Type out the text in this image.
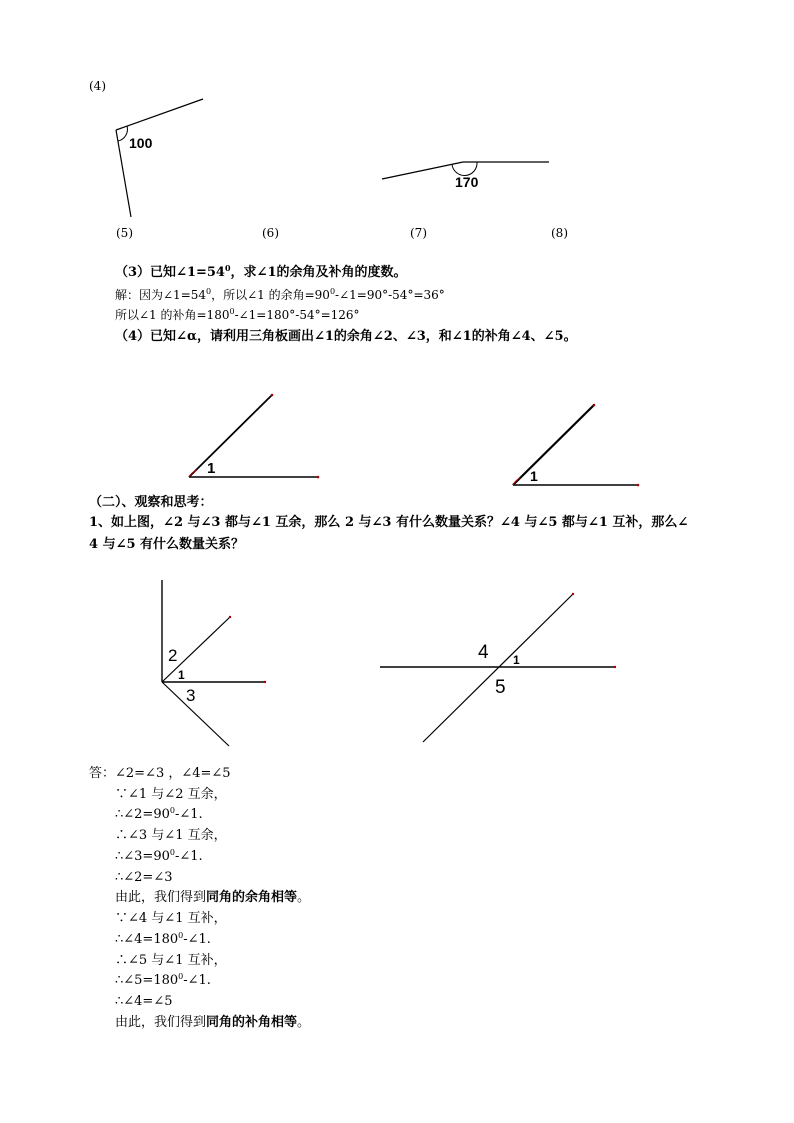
100
170
1	1
2
1
3
4 1
5
(4)
(5)	(6)	(7)	(8)
（3）已知$\angle 1=54^0$，求∠1的余角及补角的度数。
解：因为$\angle 1=54^0$，所以∠1 的余角$=90^0-\angle 1=90^\circ-54^\circ=36^\circ$
所以∠1 的补角$=180^0-\angle 1=180^\circ-54^\circ=126^\circ$
（4）已知∠α，请利用三角板画出∠1的余角∠2、∠3，和∠1的补角∠4、∠5。
（二）、观察和思考：
1、如上图，∠2 与∠3 都与∠1 互余，那么 2 与∠3 有什么数量关系？∠4 与∠5 都与∠1 互补，那么∠
4 与∠5 有什么数量关系？
答：∠2=∠3 ，∠4=∠5
∵∠1 与∠2 互余，
$\therefore\angle 2=90^0-\angle 1$.
∴∠3 与∠1 互余，
$\therefore\angle 3=90^0-\angle 1$.
∴∠2=∠3
由此，我们得到同角的余角相等。
∵∠4 与∠1 互补，
$\therefore\angle 4=180^0-\angle 1$.
∴∠5 与∠1 互补，
$\therefore\angle 5=180^0-\angle 1$.
∴∠4=∠5
由此，我们得到同角的补角相等。
